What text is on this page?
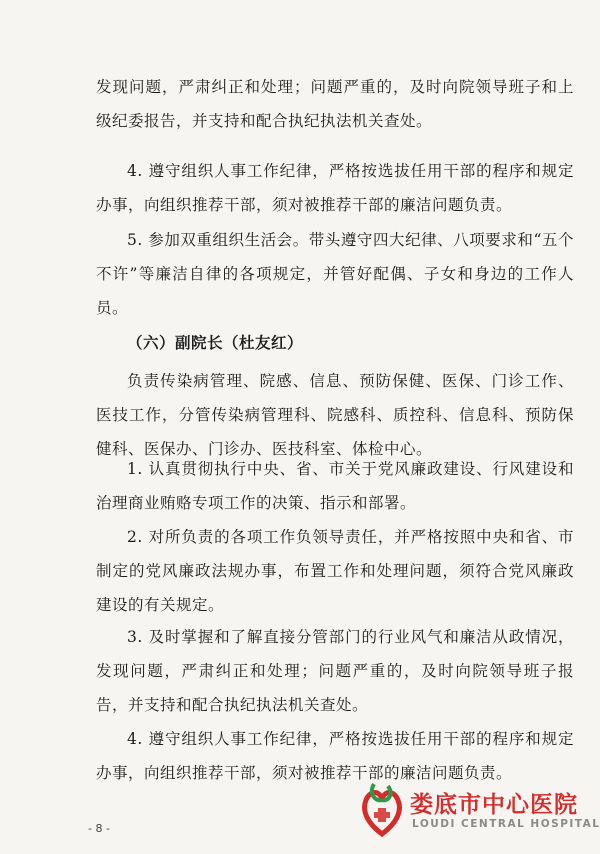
发现问题，严肃纠正和处理；问题严重的，及时向院领导班子和上级纪委报告，并支持和配合执纪执法机关查处。

4. 遵守组织人事工作纪律，严格按选拔任用干部的程序和规定办事，向组织推荐干部，须对被推荐干部的廉洁问题负责。

5. 参加双重组织生活会。带头遵守四大纪律、八项要求和“五个不许”等廉洁自律的各项规定，并管好配偶、子女和身边的工作人员。

（六）副院长（杜友红）

负责传染病管理、院感、信息、预防保健、医保、门诊工作、医技工作，分管传染病管理科、院感科、质控科、信息科、预防保健科、医保办、门诊办、医技科室、体检中心。

1. 认真贯彻执行中央、省、市关于党风廉政建设、行风建设和治理商业贿赂专项工作的决策、指示和部署。

2. 对所负责的各项工作负领导责任，并严格按照中央和省、市制定的党风廉政法规办事，布置工作和处理问题，须符合党风廉政建设的有关规定。

3. 及时掌握和了解直接分管部门的行业风气和廉洁从政情况，发现问题，严肃纠正和处理；问题严重的，及时向院领导班子报告，并支持和配合执纪执法机关查处。

4. 遵守组织人事工作纪律，严格按选拔任用干部的程序和规定办事，向组织推荐干部，须对被推荐干部的廉洁问题负责。

- 8 -
娄底市中心医院
LOUDI CENTRAL HOSPITAL
